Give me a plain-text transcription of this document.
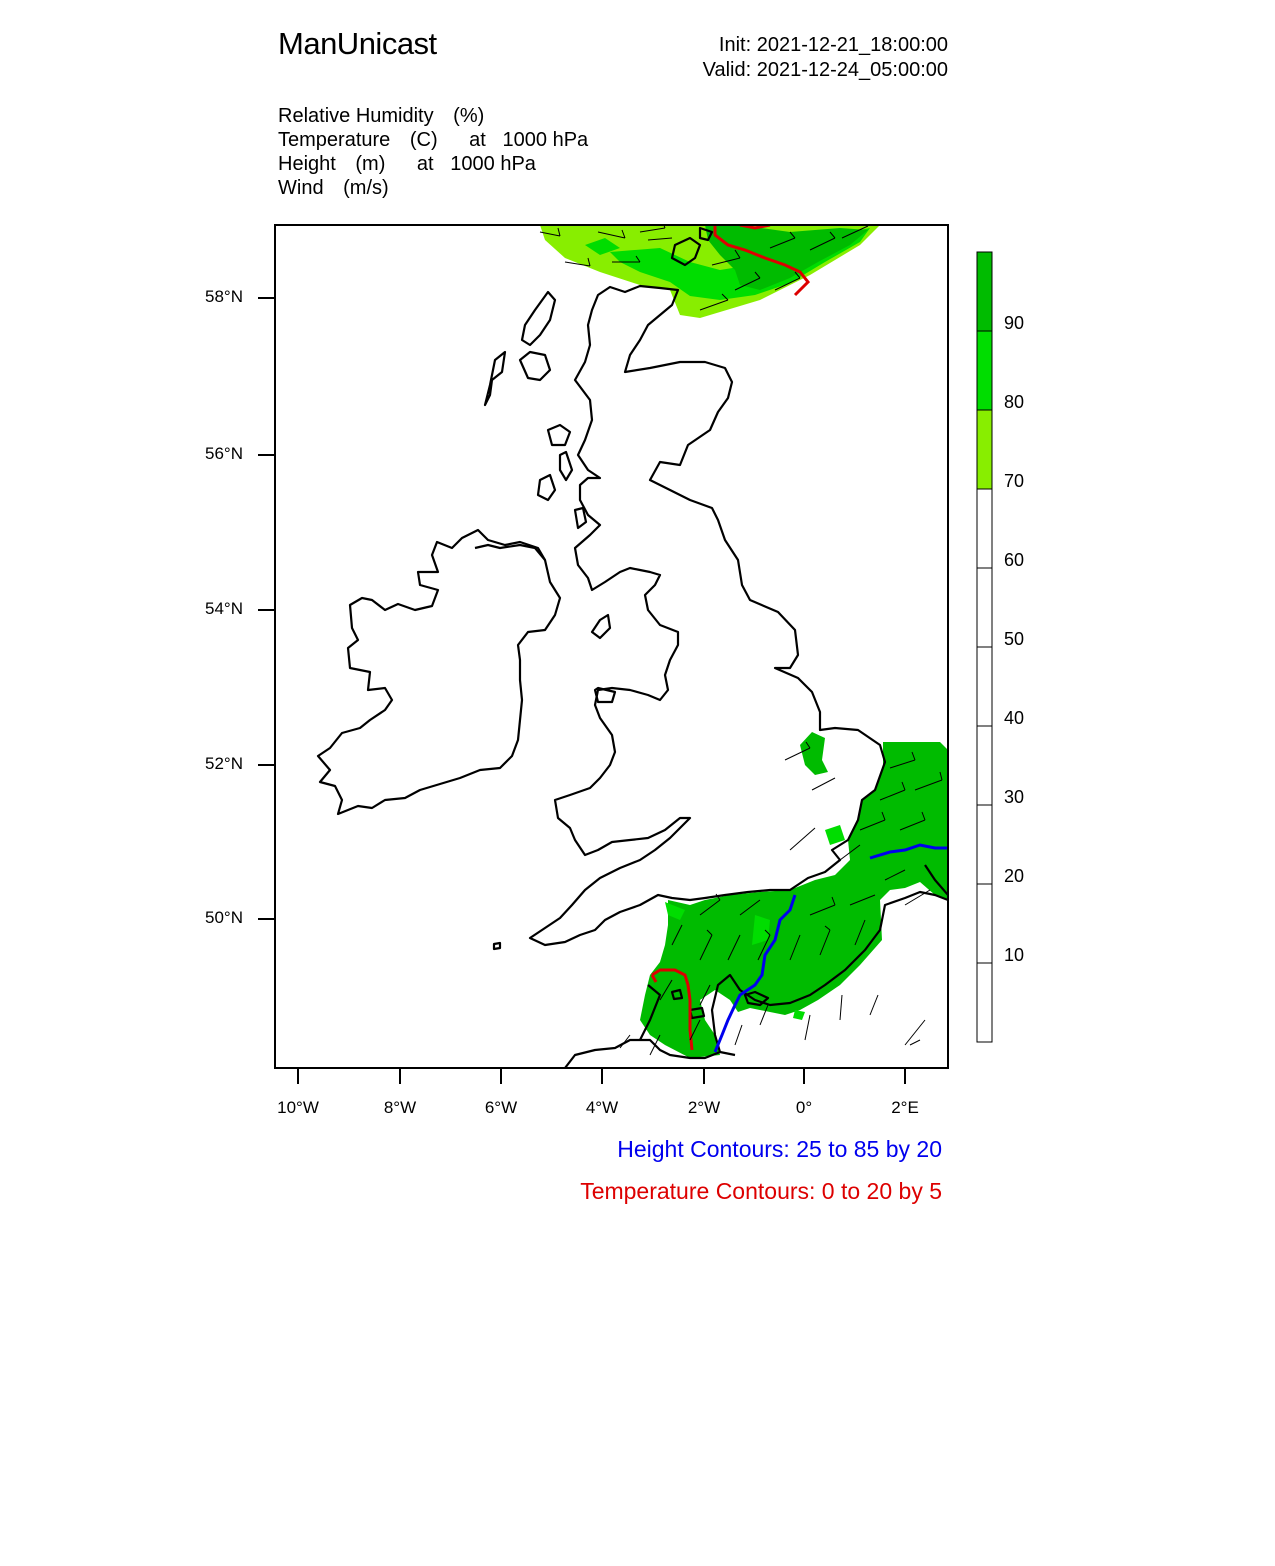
ManUnicast	Init: 2021-12-21_18:00:00
Valid: 2021-12-24_05:00:00
Relative Humidity (%)
Temperature (C) at   1000 hPa
Height (m) at   1000 hPa
Wind (m/s)
58°N
56°N
54°N
52°N
50°N
10°W	8°W	6°W	4°W	2°W	0°	2°E
90
80
70
60
50
40
30
20
10
Height Contours: 25 to 85 by 20
Temperature Contours: 0 to 20 by 5
